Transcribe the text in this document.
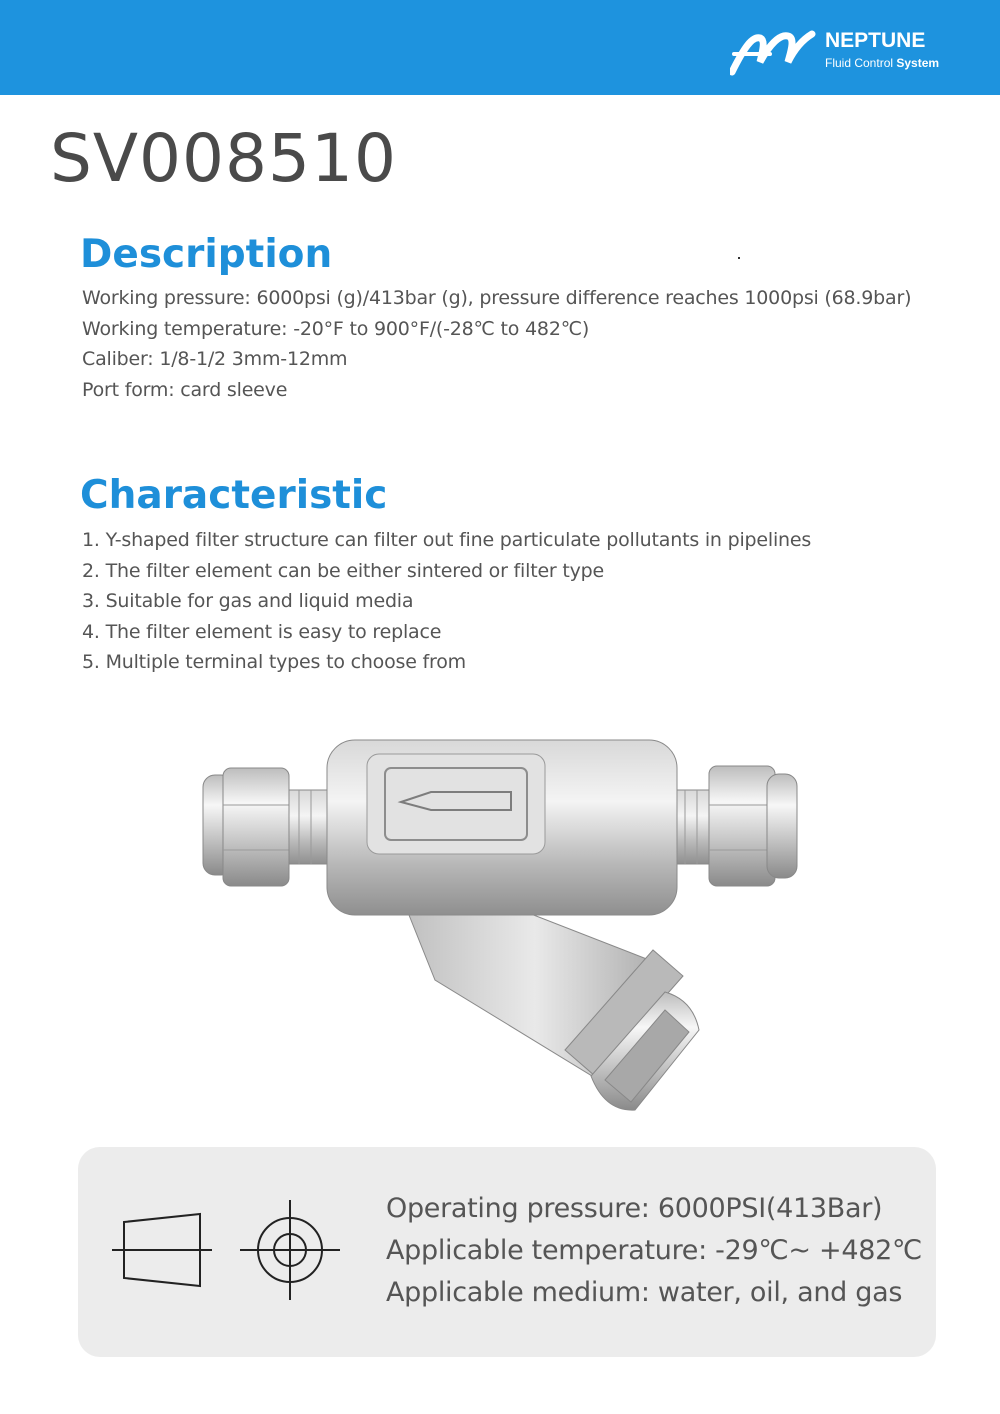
NEPTUNE
Fluid Control System
SV008510
Description
Working pressure: 6000psi (g)/413bar (g), pressure difference reaches 1000psi (68.9bar)
Working temperature: -20°F to 900°F/(-28℃ to 482℃)
Caliber: 1/8-1/2 3mm-12mm
Port form: card sleeve
Characteristic
1. Y-shaped filter structure can filter out fine particulate pollutants in pipelines
2. The filter element can be either sintered or filter type
3. Suitable for gas and liquid media
4. The filter element is easy to replace
5. Multiple terminal types to choose from
Operating pressure: 6000PSI(413Bar)
Applicable temperature: -29℃~ +482℃
Applicable medium: water, oil, and gas
